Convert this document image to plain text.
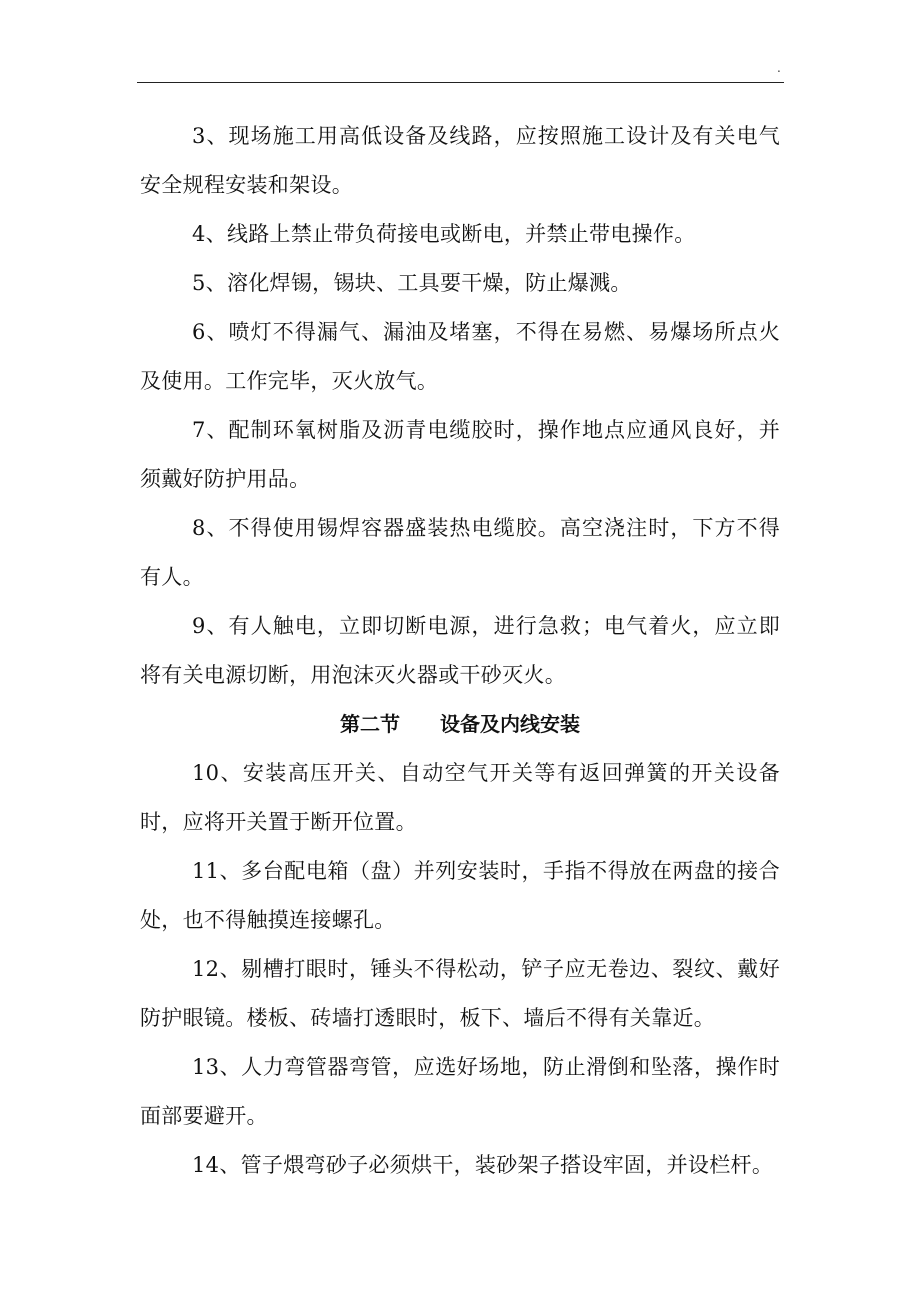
.

3、现场施工用高低设备及线路，应按照施工设计及有关电气安全规程安装和架设。

4、线路上禁止带负荷接电或断电，并禁止带电操作。

5、溶化焊锡，锡块、工具要干燥，防止爆溅。

6、喷灯不得漏气、漏油及堵塞，不得在易燃、易爆场所点火及使用。工作完毕，灭火放气。

7、配制环氧树脂及沥青电缆胶时，操作地点应通风良好，并须戴好防护用品。

8、不得使用锡焊容器盛装热电缆胶。高空浇注时，下方不得有人。

9、有人触电，立即切断电源，进行急救；电气着火，应立即将有关电源切断，用泡沫灭火器或干砂灭火。

第二节 设备及内线安装

10、安装高压开关、自动空气开关等有返回弹簧的开关设备时，应将开关置于断开位置。

11、多台配电箱（盘）并列安装时，手指不得放在两盘的接合处，也不得触摸连接螺孔。

12、剔槽打眼时，锤头不得松动，铲子应无卷边、裂纹、戴好防护眼镜。楼板、砖墙打透眼时，板下、墙后不得有关靠近。

13、人力弯管器弯管，应选好场地，防止滑倒和坠落，操作时面部要避开。

14、管子煨弯砂子必须烘干，装砂架子搭设牢固，并设栏杆。
